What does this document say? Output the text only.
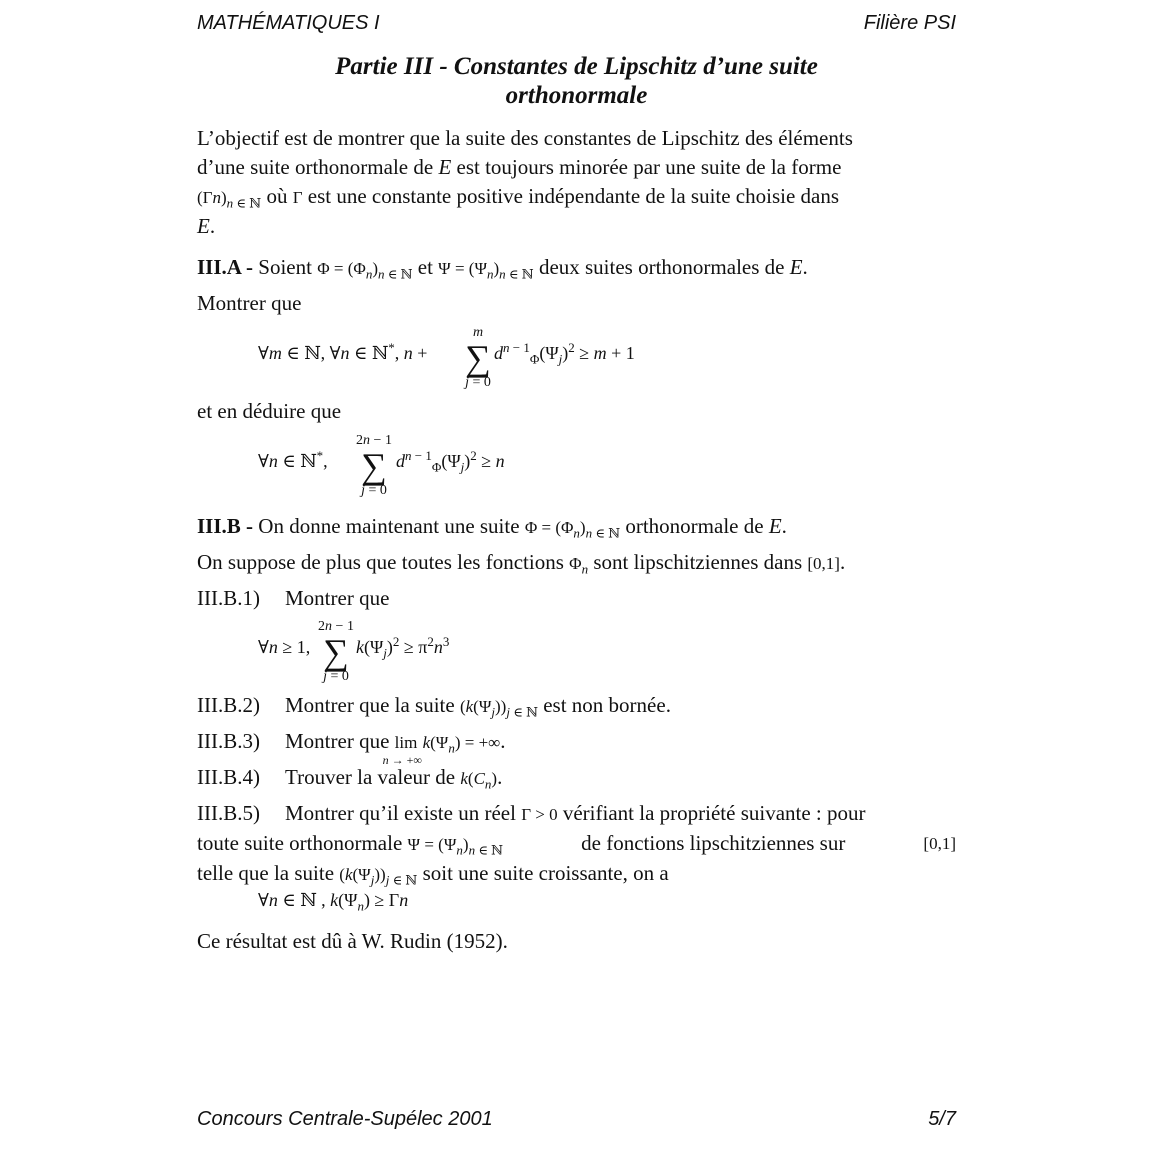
MATHÉMATIQUES I	Filière PSI
Partie III - Constantes de Lipschitz d’une suite
orthonormale
L’objectif est de montrer que la suite des constantes de Lipschitz des éléments
d’une suite orthonormale de E est toujours minorée par une suite de la forme
$(\Gamma n)_{n \in ℕ}$ où Γ est une constante positive indépendante de la suite choisie dans
E.
III.A - Soient $\Phi = (\Phi_n)_{n \in ℕ}$ et $\Psi = (\Psi_n)_{n \in ℕ}$ deux suites orthonormales de E.
Montrer que
∀m ∈ ℕ, ∀n ∈ ℕ*, n +
m
∑
j = 0
$d^{n - 1}_\Phi(\Psi_j)^2 \ge m + 1$
et en déduire que
∀n ∈ ℕ*,
2n − 1
∑
j = 0
$d^{n - 1}_\Phi(\Psi_j)^2 \ge n$
III.B - On donne maintenant une suite $\Phi = (\Phi_n)_{n \in ℕ}$ orthonormale de E.
On suppose de plus que toutes les fonctions $\Phi_n$ sont lipschitziennes dans [0,1].
III.B.1) Montrer que
∀n ≥ 1,
2n − 1
∑
j = 0
$k(\Psi_j)^2 \ge \pi^2n^3$
III.B.2) Montrer que la suite $(k(\Psi_j))_{j \in ℕ}$ est non bornée.
III.B.3) Montrer que lim
n → +∞
$k(\Psi_n)$ = +∞.
III.B.4) Trouver la valeur de $k(C_n)$.
III.B.5) Montrer qu’il existe un réel Γ > 0 vérifiant la propriété suivante : pour
toute suite orthonormale $\Psi = (\Psi_n)_{n \in ℕ}$	de fonctions lipschitziennes sur	[0,1]
telle que la suite $(k(\Psi_j))_{j \in ℕ}$ soit une suite croissante, on a
∀n ∈ ℕ , $k(\Psi_n) \ge \Gamma n$
Ce résultat est dû à W. Rudin (1952).
Concours Centrale-Supélec 2001	5/7
